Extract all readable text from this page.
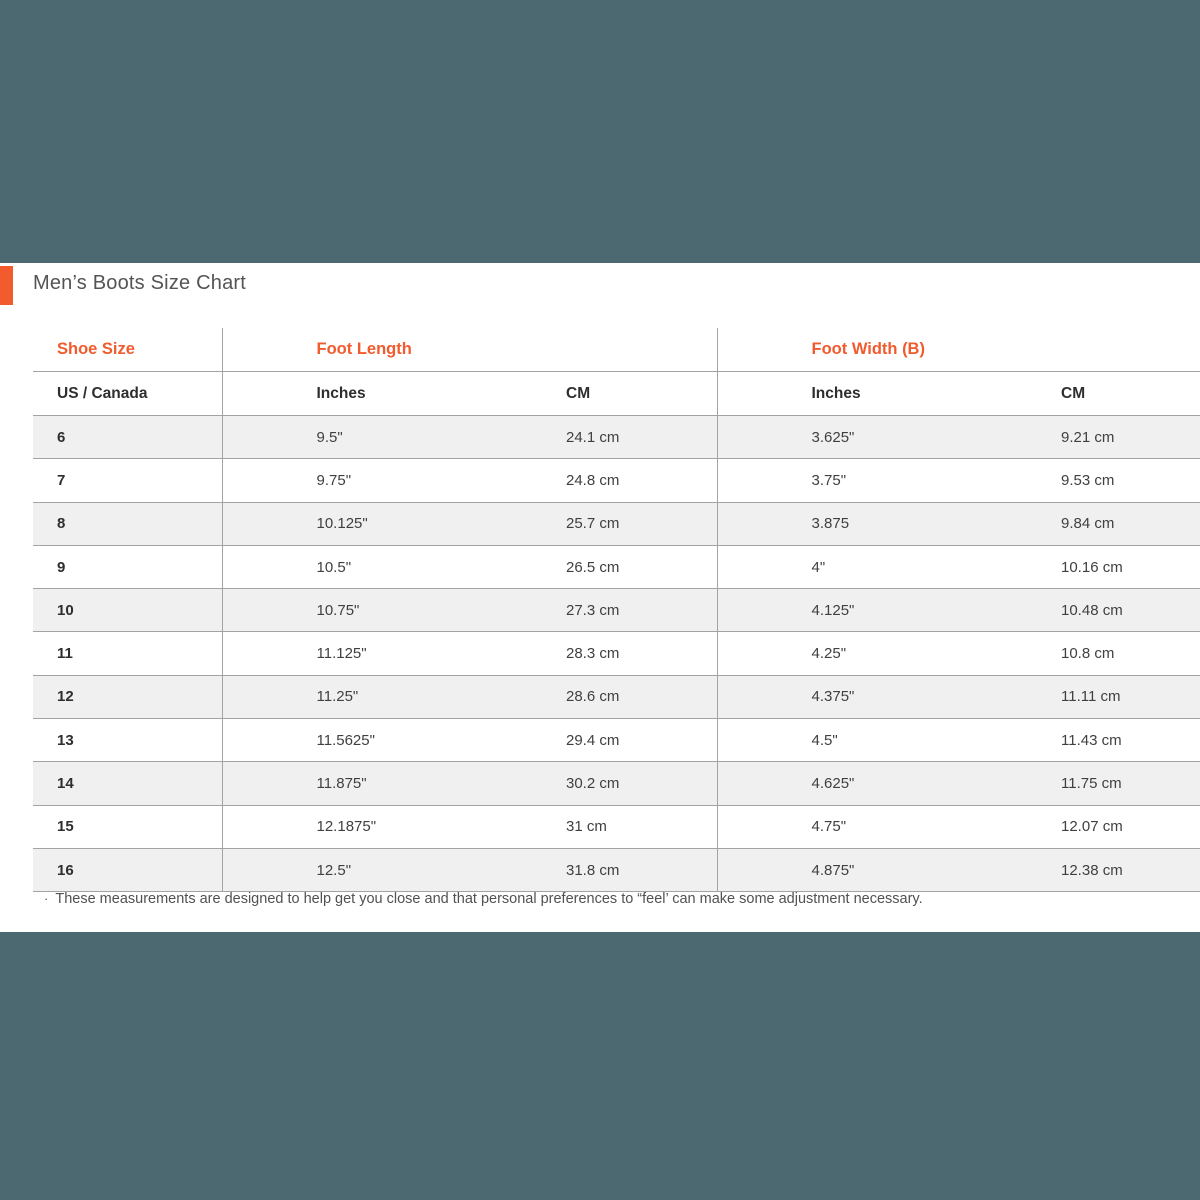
Men’s Boots Size Chart
Shoe Size	Foot Length		Foot Width (B)	
US / Canada	Inches	CM	Inches	CM
6	9.5"	24.1 cm	3.625"	9.21 cm
7	9.75"	24.8 cm	3.75"	9.53 cm
8	10.125"	25.7 cm	3.875	9.84 cm
9	10.5"	26.5 cm	4"	10.16 cm
10	10.75"	27.3 cm	4.125"	10.48 cm
11	11.125"	28.3 cm	4.25"	10.8 cm
12	11.25"	28.6 cm	4.375"	11.11 cm
13	11.5625"	29.4 cm	4.5"	11.43 cm
14	11.875"	30.2 cm	4.625"	11.75 cm
15	12.1875"	31 cm	4.75"	12.07 cm
16	12.5"	31.8 cm	4.875"	12.38 cm

· These measurements are designed to help get you close and that personal preferences to “feel’ can make some adjustment necessary.
